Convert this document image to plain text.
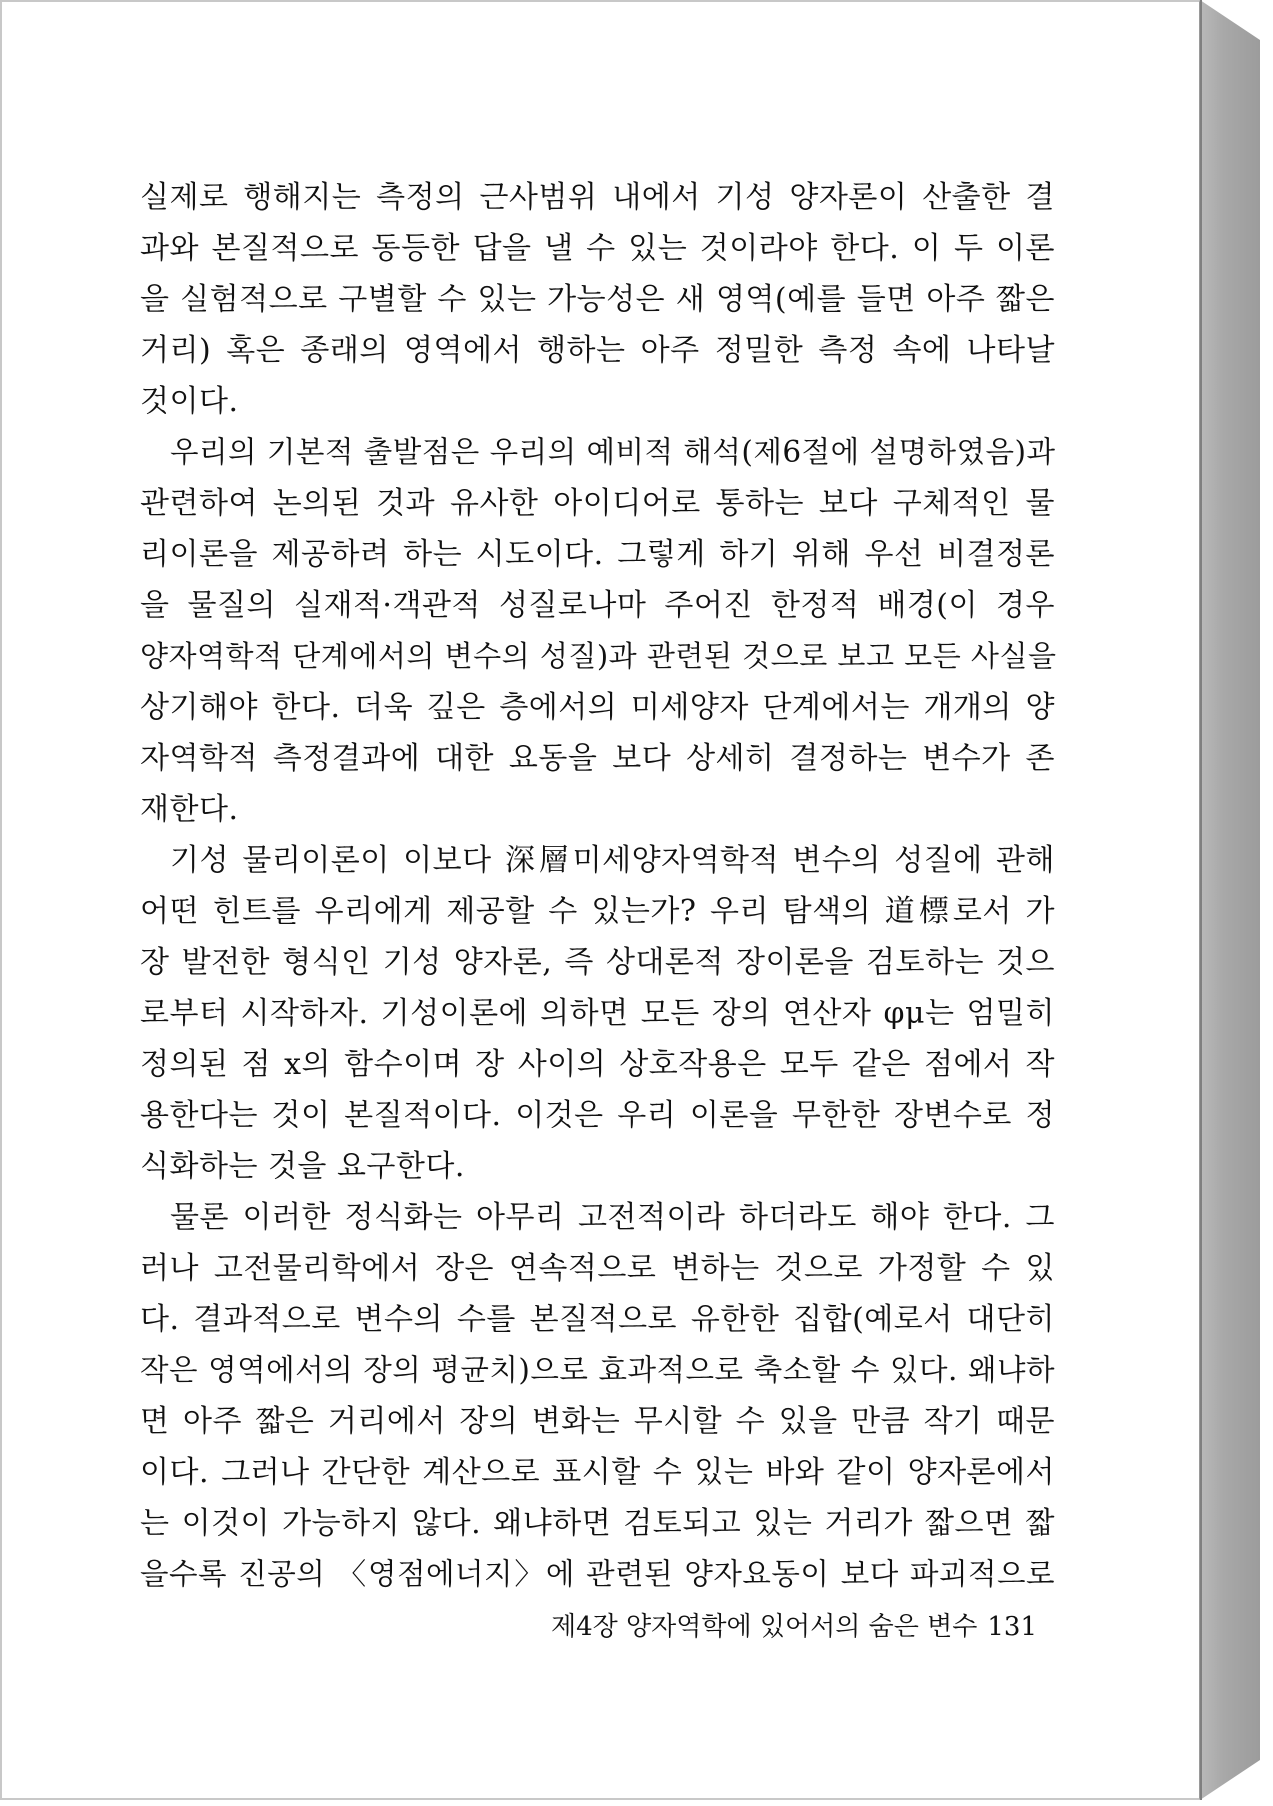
실제로 행해지는 측정의 근사범위 내에서 기성 양자론이 산출한 결
과와 본질적으로 동등한 답을 낼 수 있는 것이라야 한다. 이 두 이론
을 실험적으로 구별할 수 있는 가능성은 새 영역(예를 들면 아주 짧은
거리) 혹은 종래의 영역에서 행하는 아주 정밀한 측정 속에 나타날
것이다.
우리의 기본적 출발점은 우리의 예비적 해석(제6절에 설명하였음)과
관련하여 논의된 것과 유사한 아이디어로 통하는 보다 구체적인 물
리이론을 제공하려 하는 시도이다. 그렇게 하기 위해 우선 비결정론
을 물질의 실재적·객관적 성질로나마 주어진 한정적 배경(이 경우
양자역학적 단계에서의 변수의 성질)과 관련된 것으로 보고 모든 사실을
상기해야 한다. 더욱 깊은 층에서의 미세양자 단계에서는 개개의 양
자역학적 측정결과에 대한 요동을 보다 상세히 결정하는 변수가 존
재한다.
기성 물리이론이 이보다 深層미세양자역학적 변수의 성질에 관해
어떤 힌트를 우리에게 제공할 수 있는가? 우리 탐색의 道標로서 가
장 발전한 형식인 기성 양자론, 즉 상대론적 장이론을 검토하는 것으
로부터 시작하자. 기성이론에 의하면 모든 장의 연산자 φμ는 엄밀히
정의된 점 x의 함수이며 장 사이의 상호작용은 모두 같은 점에서 작
용한다는 것이 본질적이다. 이것은 우리 이론을 무한한 장변수로 정
식화하는 것을 요구한다.
물론 이러한 정식화는 아무리 고전적이라 하더라도 해야 한다. 그
러나 고전물리학에서 장은 연속적으로 변하는 것으로 가정할 수 있
다. 결과적으로 변수의 수를 본질적으로 유한한 집합(예로서 대단히
작은 영역에서의 장의 평균치)으로 효과적으로 축소할 수 있다. 왜냐하
면 아주 짧은 거리에서 장의 변화는 무시할 수 있을 만큼 작기 때문
이다. 그러나 간단한 계산으로 표시할 수 있는 바와 같이 양자론에서
는 이것이 가능하지 않다. 왜냐하면 검토되고 있는 거리가 짧으면 짧
을수록 진공의 〈영점에너지〉에 관련된 양자요동이 보다 파괴적으로
제4장 양자역학에 있어서의 숨은 변수 131
